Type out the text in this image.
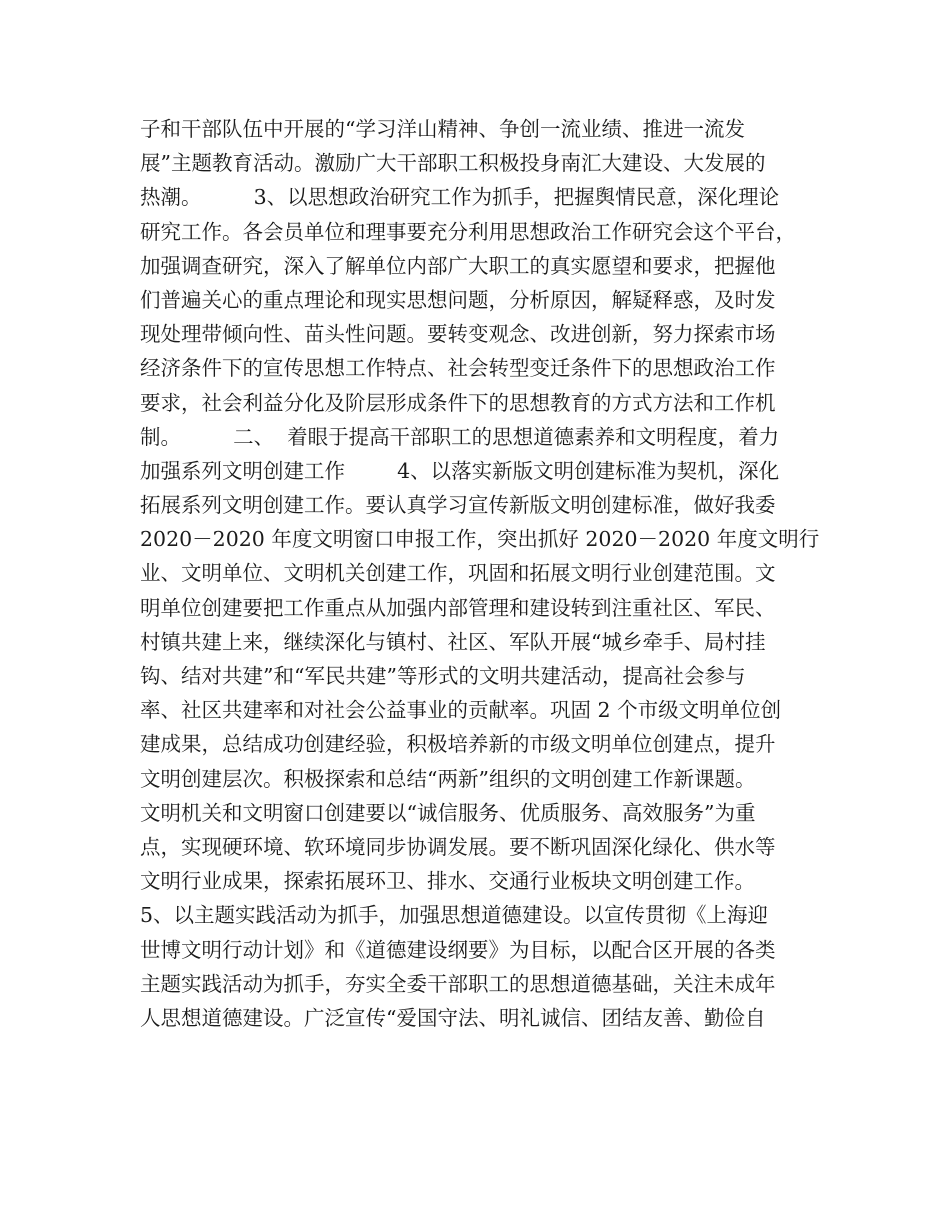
子和干部队伍中开展的“学习洋山精神、争创一流业绩、推进一流发
展”主题教育活动。激励广大干部职工积极投身南汇大建设、大发展的
热潮。        3、以思想政治研究工作为抓手，把握舆情民意，深化理论
研究工作。各会员单位和理事要充分利用思想政治工作研究会这个平台，
加强调查研究，深入了解单位内部广大职工的真实愿望和要求，把握他
们普遍关心的重点理论和现实思想问题，分析原因，解疑释惑，及时发
现处理带倾向性、苗头性问题。要转变观念、改进创新，努力探索市场
经济条件下的宣传思想工作特点、社会转型变迁条件下的思想政治工作
要求，社会利益分化及阶层形成条件下的思想教育的方式方法和工作机
制。        二、  着眼于提高干部职工的思想道德素养和文明程度，着力
加强系列文明创建工作        4、以落实新版文明创建标准为契机，深化
拓展系列文明创建工作。要认真学习宣传新版文明创建标准，做好我委
2020－2020 年度文明窗口申报工作，突出抓好 2020－2020 年度文明行
业、文明单位、文明机关创建工作，巩固和拓展文明行业创建范围。文
明单位创建要把工作重点从加强内部管理和建设转到注重社区、军民、
村镇共建上来，继续深化与镇村、社区、军队开展“城乡牵手、局村挂
钩、结对共建”和“军民共建”等形式的文明共建活动，提高社会参与
率、社区共建率和对社会公益事业的贡献率。巩固 2 个市级文明单位创
建成果，总结成功创建经验，积极培养新的市级文明单位创建点，提升
文明创建层次。积极探索和总结“两新”组织的文明创建工作新课题。
文明机关和文明窗口创建要以“诚信服务、优质服务、高效服务”为重
点，实现硬环境、软环境同步协调发展。要不断巩固深化绿化、供水等
文明行业成果，探索拓展环卫、排水、交通行业板块文明创建工作。
5、以主题实践活动为抓手，加强思想道德建设。以宣传贯彻《上海迎
世博文明行动计划》和《道德建设纲要》为目标，以配合区开展的各类
主题实践活动为抓手，夯实全委干部职工的思想道德基础，关注未成年
人思想道德建设。广泛宣传“爱国守法、明礼诚信、团结友善、勤俭自
